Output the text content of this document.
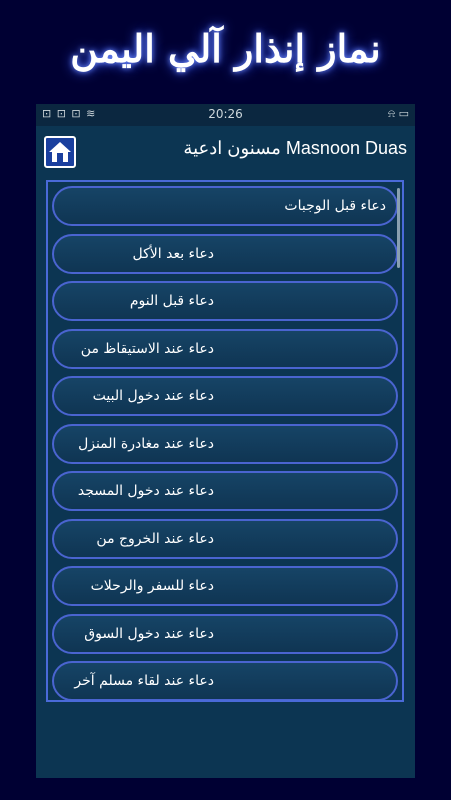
نماز إنذار آلي اليمن
⊡ ⊡ ⊡ ≋	20:26	⍾ ▭
مسنون ادعية Masnoon Duas
دعاء قبل الوجبات
دعاء بعد الأكل
دعاء قبل النوم
دعاء عند الاستيقاظ من
دعاء عند دخول البيت
دعاء عند مغادرة المنزل
دعاء عند دخول المسجد
دعاء عند الخروج من
دعاء للسفر والرحلات
دعاء عند دخول السوق
دعاء عند لقاء مسلم آخر
